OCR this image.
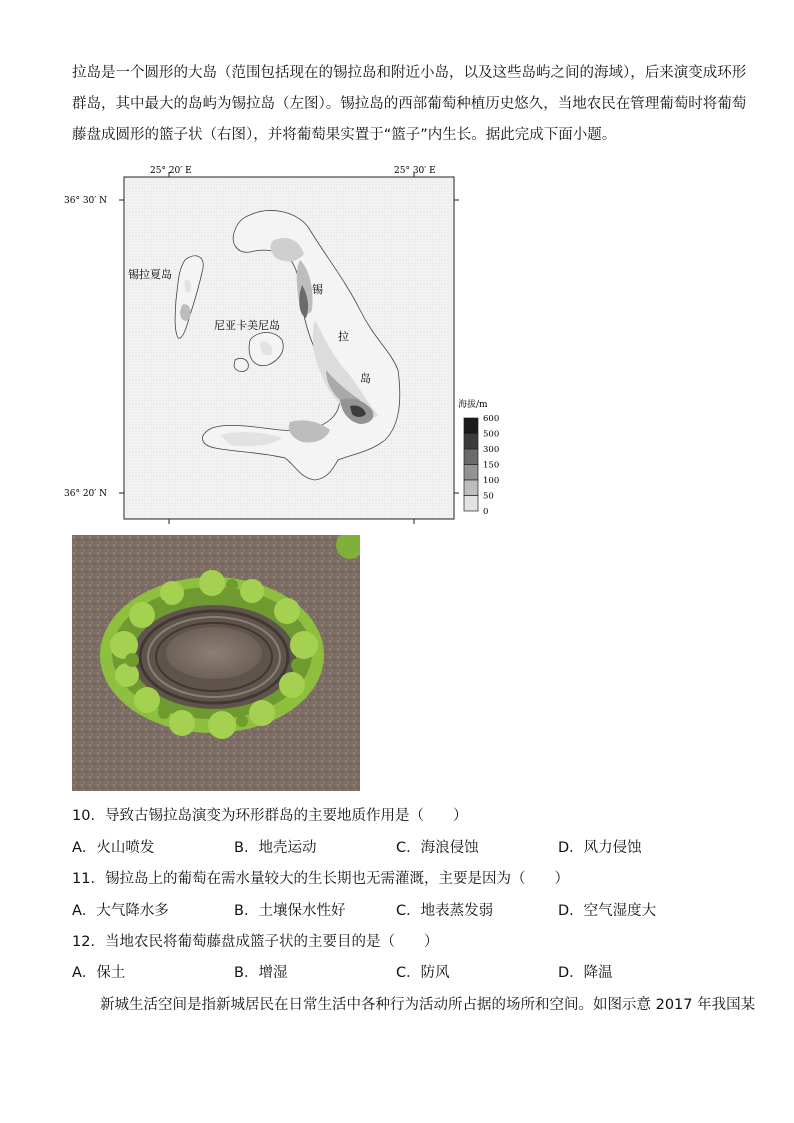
拉岛是一个圆形的大岛（范围包括现在的锡拉岛和附近小岛，以及这些岛屿之间的海域），后来演变成环形
群岛，其中最大的岛屿为锡拉岛（左图）。锡拉岛的西部葡萄种植历史悠久，当地农民在管理葡萄时将葡萄
藤盘成圆形的篮子状（右图），并将葡萄果实置于“篮子”内生长。据此完成下面小题。
25° 20′ E	25° 30′ E
36° 30′ N
36° 20′ N
锡拉夏岛
尼亚卡美尼岛
锡
拉
岛
海拔/m
600
500
300
150
100
50
0
10．导致古锡拉岛演变为环形群岛的主要地质作用是（　　）
A．火山喷发	B．地壳运动	C．海浪侵蚀	D．风力侵蚀
11．锡拉岛上的葡萄在需水量较大的生长期也无需灌溉，主要是因为（　　）
A．大气降水多	B．土壤保水性好	C．地表蒸发弱	D．空气湿度大
12．当地农民将葡萄藤盘成篮子状的主要目的是（　　）
A．保土	B．增湿	C．防风	D．降温
新城生活空间是指新城居民在日常生活中各种行为活动所占据的场所和空间。如图示意 2017 年我国某
